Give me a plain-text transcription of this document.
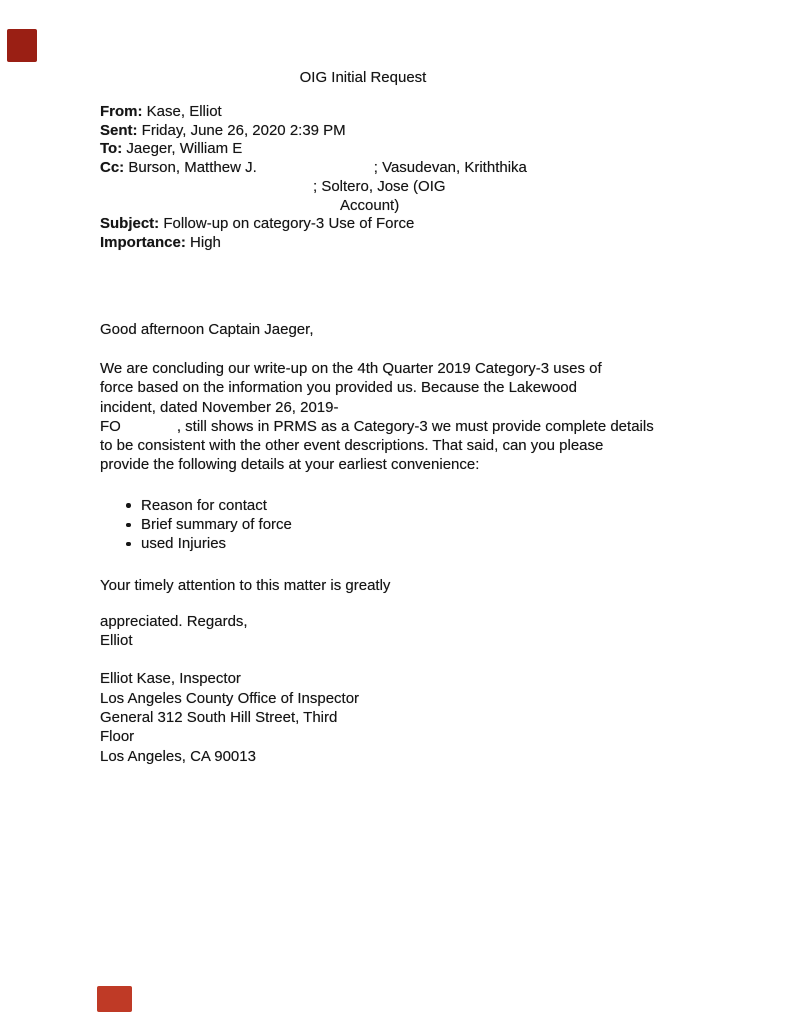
OIG Initial Request
From: Kase, Elliot
Sent: Friday, June 26, 2020 2:39 PM
To: Jaeger, William E
Cc: Burson, Matthew J.	; Vasudevan, Kriththika
; Soltero, Jose (OIG
Account)
Subject: Follow-up on category-3 Use of Force
Importance: High
Good afternoon Captain Jaeger,
We are concluding our write-up on the 4th Quarter 2019 Category-3 uses of
force based on the information you provided us. Because the Lakewood
incident, dated November 26, 2019-
FO	, still shows in PRMS as a Category-3 we must provide complete details
to be consistent with the other event descriptions. That said, can you please
provide the following details at your earliest convenience:
Reason for contact
Brief summary of force
used Injuries
Your timely attention to this matter is greatly
appreciated. Regards,
Elliot
Elliot Kase, Inspector
Los Angeles County Office of Inspector
General 312 South Hill Street, Third
Floor
Los Angeles, CA 90013
